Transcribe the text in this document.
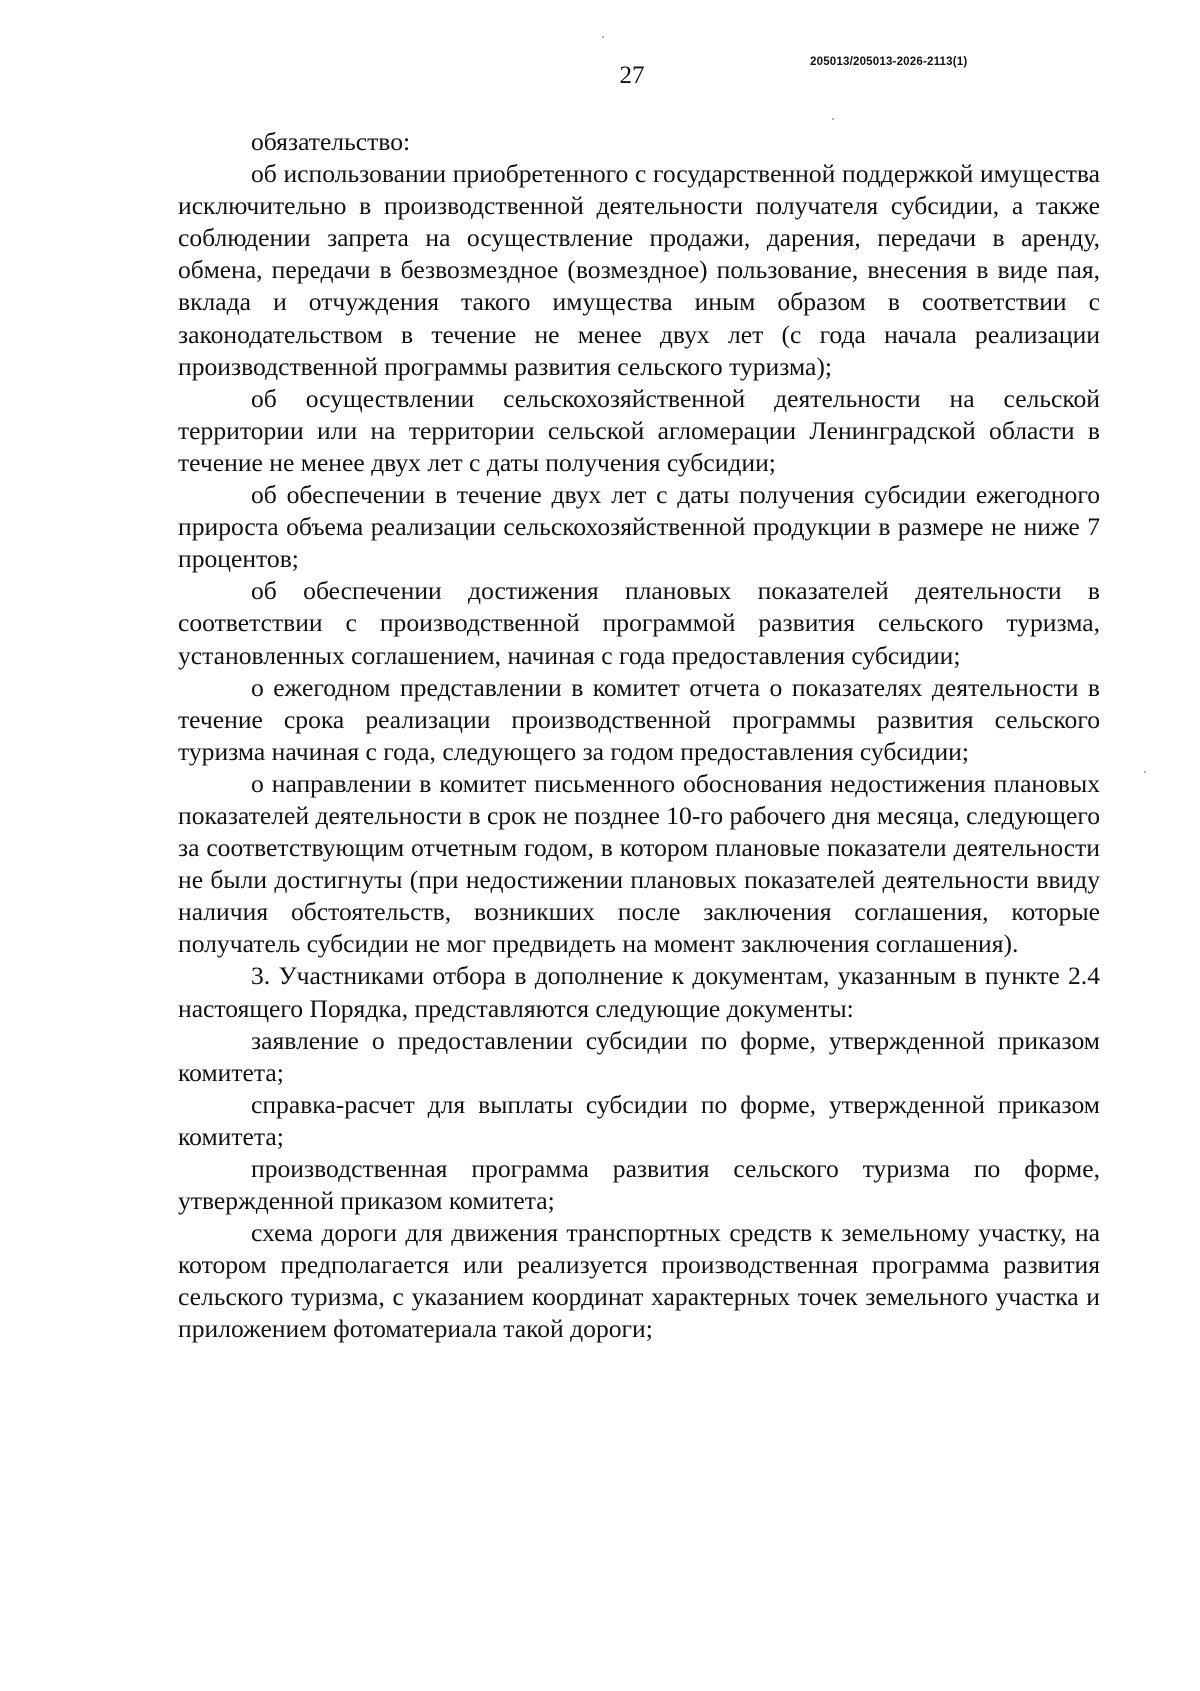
27	205013/205013-2026-2113(1)

обязательство:

об использовании приобретенного с государственной поддержкой имущества исключительно в производственной деятельности получателя субсидии, а также соблюдении запрета на осуществление продажи, дарения, передачи в аренду, обмена, передачи в безвозмездное (возмездное) пользование, внесения в виде пая, вклада и отчуждения такого имущества иным образом в соответствии с законодательством в течение не менее двух лет (с года начала реализации производственной программы развития сельского туризма);

об осуществлении сельскохозяйственной деятельности на сельской территории или на территории сельской агломерации Ленинградской области в течение не менее двух лет с даты получения субсидии;

об обеспечении в течение двух лет с даты получения субсидии ежегодного прироста объема реализации сельскохозяйственной продукции в размере не ниже 7 процентов;

об обеспечении достижения плановых показателей деятельности в соответствии с производственной программой развития сельского туризма, установленных соглашением, начиная с года предоставления субсидии;

о ежегодном представлении в комитет отчета о показателях деятельности в течение срока реализации производственной программы развития сельского туризма начиная с года, следующего за годом предоставления субсидии;

о направлении в комитет письменного обоснования недостижения плановых показателей деятельности в срок не позднее 10-го рабочего дня месяца, следующего за соответствующим отчетным годом, в котором плановые показатели деятельности не были достигнуты (при недостижении плановых показателей деятельности ввиду наличия обстоятельств, возникших после заключения соглашения, которые получатель субсидии не мог предвидеть на момент заключения соглашения).

3. Участниками отбора в дополнение к документам, указанным в пункте 2.4 настоящего Порядка, представляются следующие документы:

заявление о предоставлении субсидии по форме, утвержденной приказом комитета;

справка-расчет для выплаты субсидии по форме, утвержденной приказом комитета;

производственная программа развития сельского туризма по форме, утвержденной приказом комитета;

схема дороги для движения транспортных средств к земельному участку, на котором предполагается или реализуется производственная программа развития сельского туризма, с указанием координат характерных точек земельного участка и приложением фотоматериала такой дороги;
